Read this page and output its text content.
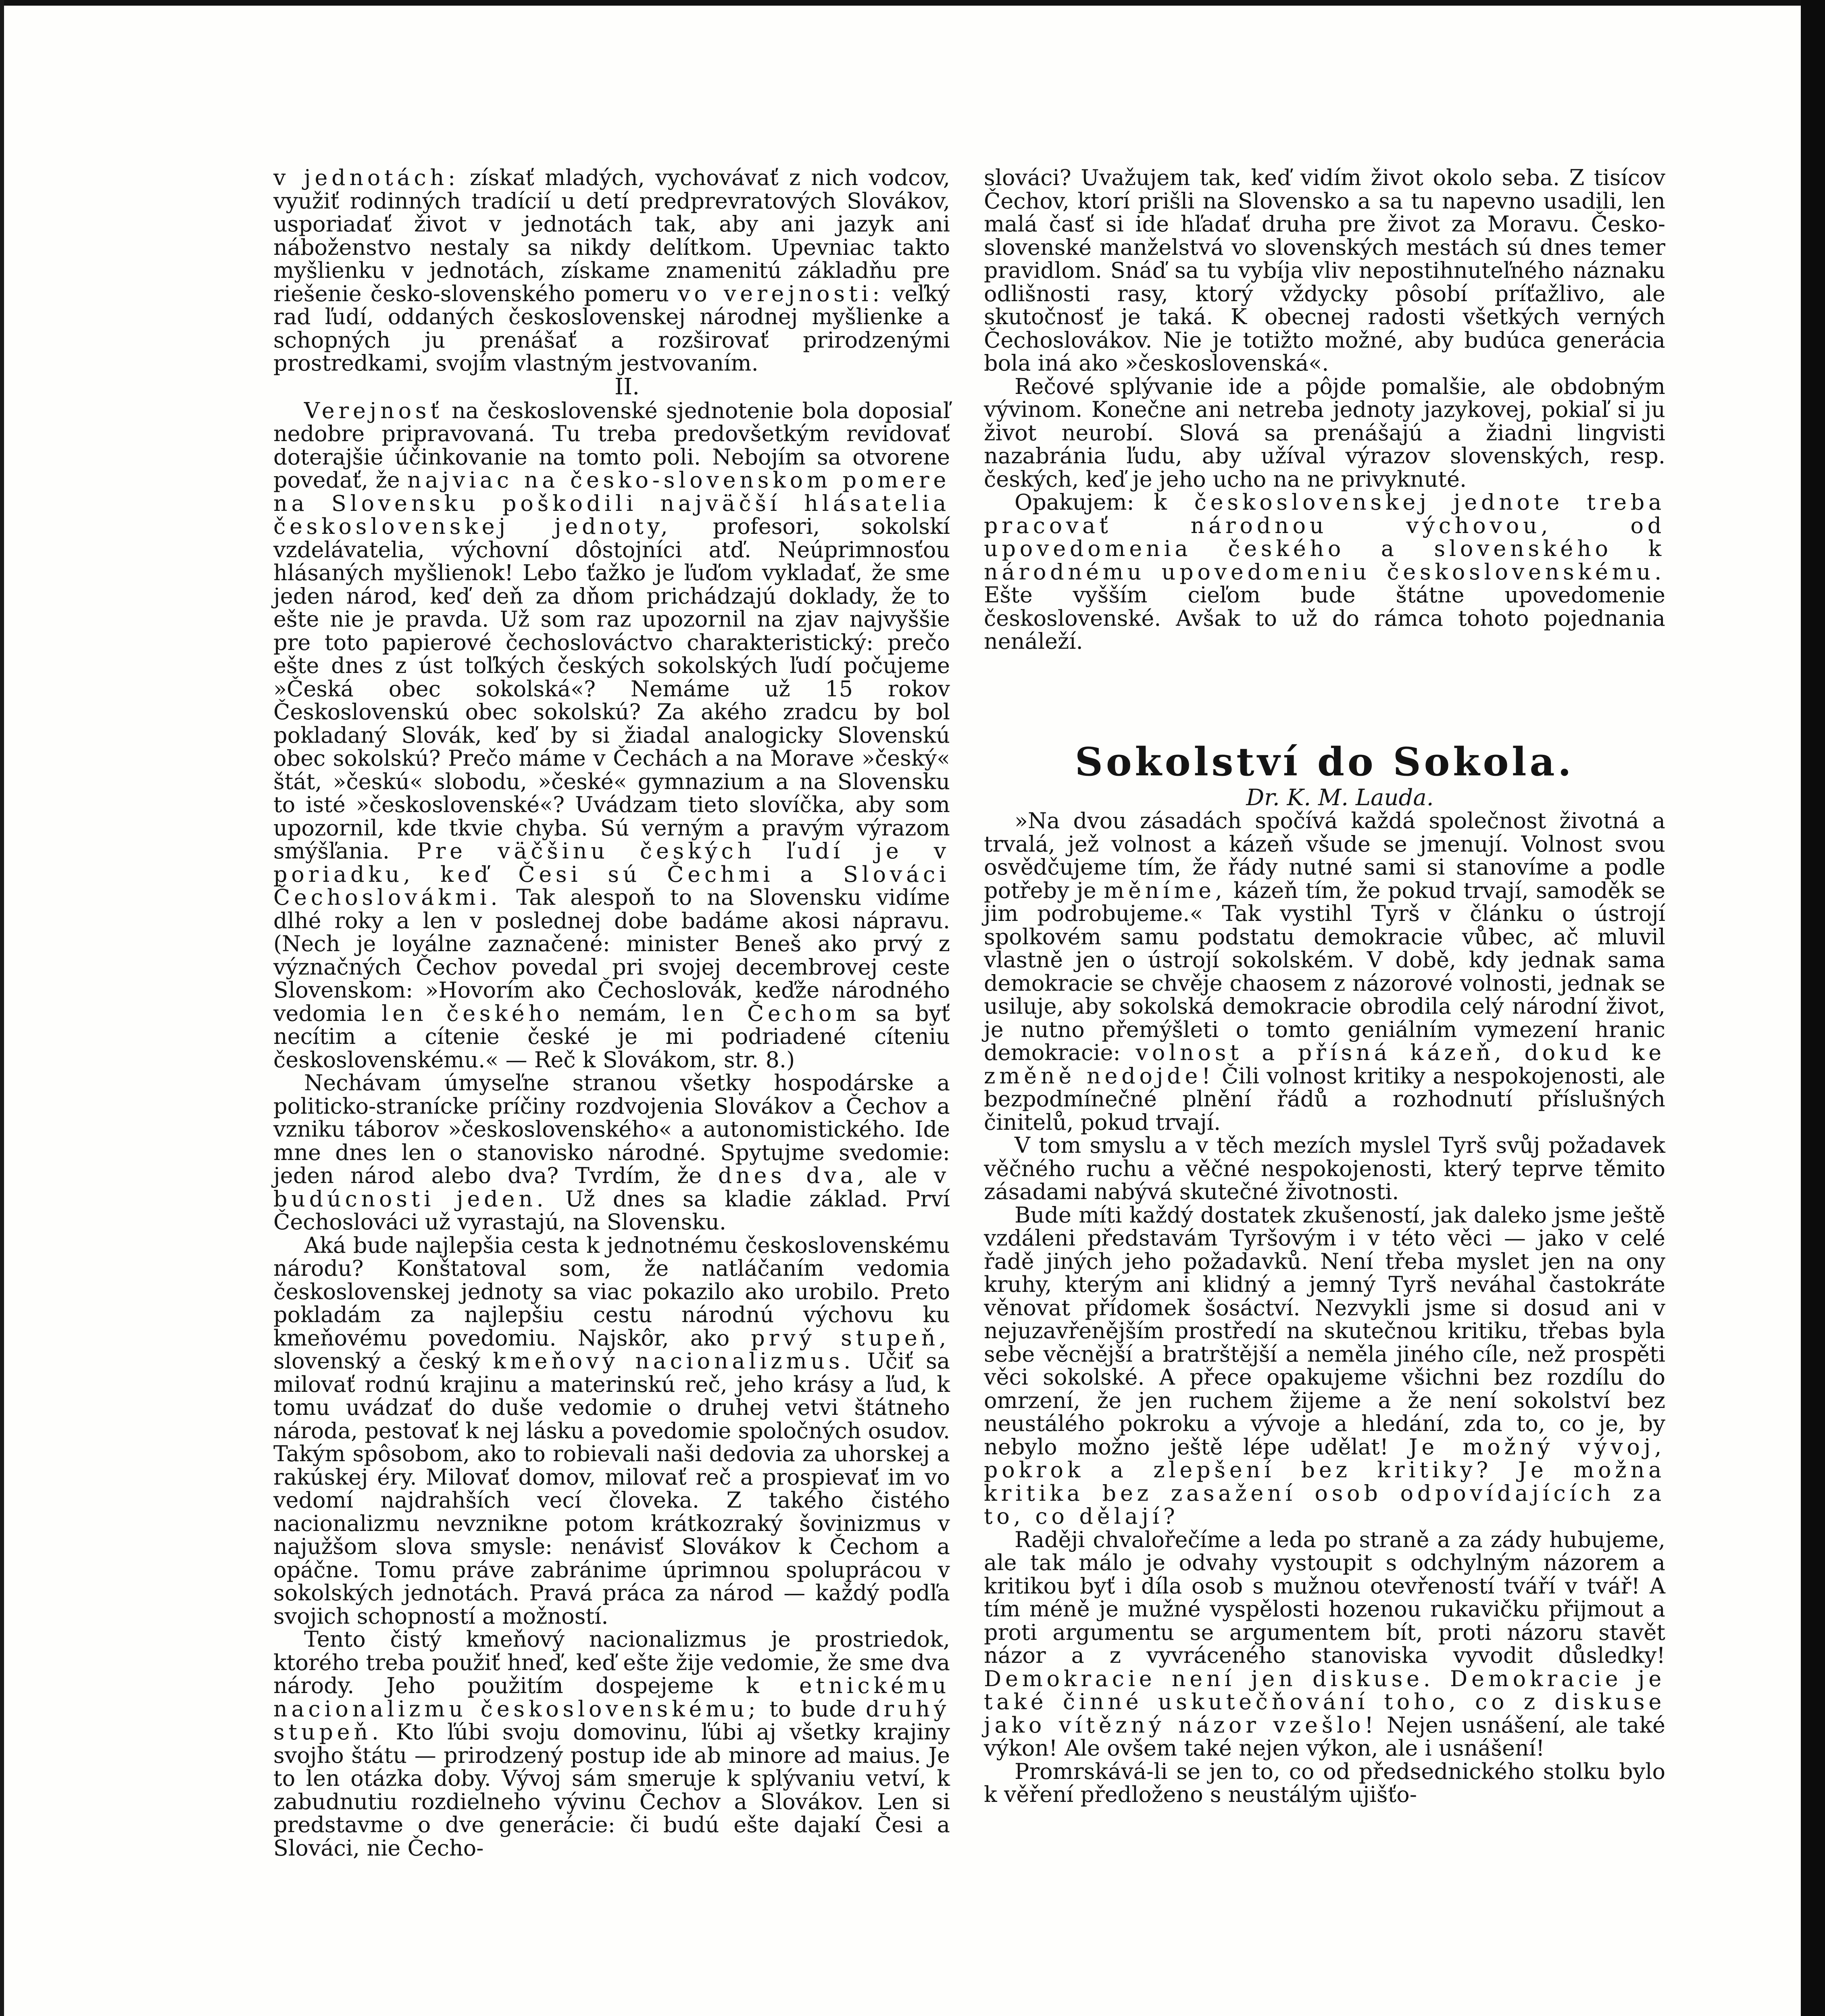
v jednotách: získať mladých, vychovávať z nich vodcov, využiť rodinných tradícií u detí predprevratových Slovákov, usporiadať život v jednotách tak, aby ani jazyk ani náboženstvo nestaly sa nikdy delítkom. Upevniac takto myšlienku v jednotách, získame znamenitú základňu pre riešenie česko-slovenského pomeru vo verejnosti: veľký rad ľudí, oddaných československej národnej myšlienke a schopných ju prenášať a rozširovať prirodzenými prostredkami, svojím vlastným jestvovaním.

II.

Verejnosť na československé sjednotenie bola doposiaľ nedobre pripravovaná. Tu treba predovšetkým revidovať doterajšie účinkovanie na tomto poli. Nebojím sa otvorene povedať, že najviac na česko-slovenskom pomere na Slovensku poškodili najväčší hlásatelia československej jednoty, profesori, sokolskí vzdelávatelia, výchovní dôstojníci atď. Neúprimnosťou hlásaných myšlienok! Lebo ťažko je ľuďom vykladať, že sme jeden národ, keď deň za dňom prichádzajú doklady, že to ešte nie je pravda. Už som raz upozornil na zjav najvyššie pre toto papierové čechoslováctvo charakteristický: prečo ešte dnes z úst toľkých českých sokolských ľudí počujeme »Česká obec sokolská«? Nemáme už 15 rokov Československú obec sokolskú? Za akého zradcu by bol pokladaný Slovák, keď by si žiadal analogicky Slovenskú obec sokolskú? Prečo máme v Čechách a na Morave »český« štát, »českú« slobodu, »české« gymnazium a na Slovensku to isté »československé«? Uvádzam tieto slovíčka, aby som upozornil, kde tkvie chyba. Sú verným a pravým výrazom smýšľania. Pre väčšinu českých ľudí je v poriadku, keď Česi sú Čechmi a Slováci Čechoslovákmi. Tak alespoň to na Slovensku vidíme dlhé roky a len v poslednej dobe badáme akosi nápravu. (Nech je loyálne zaznačené: minister Beneš ako prvý z význačných Čechov povedal pri svojej decembrovej ceste Slovenskom: »Hovorím ako Čechoslovák, keďže národného vedomia len českého nemám, len Čechom sa byť necítim a cítenie české je mi podriadené cíteniu československému.« — Reč k Slovákom, str. 8.)

Nechávam úmyseľne stranou všetky hospodárske a politicko-stranícke príčiny rozdvojenia Slovákov a Čechov a vzniku táborov »československého« a autonomistického. Ide mne dnes len o stanovisko národné. Spytujme svedomie: jeden národ alebo dva? Tvrdím, že dnes dva, ale v budúcnosti jeden. Už dnes sa kladie základ. Prví Čechoslováci už vyrastajú, na Slovensku.

Aká bude najlepšia cesta k jednotnému československému národu? Konštatoval som, že natláčaním vedomia československej jednoty sa viac pokazilo ako urobilo. Preto pokladám za najlepšiu cestu národnú výchovu ku kmeňovému povedomiu. Najskôr, ako prvý stupeň, slovenský a český kmeňový nacionalizmus. Učiť sa milovať rodnú krajinu a materinskú reč, jeho krásy a ľud, k tomu uvádzať do duše vedomie o druhej vetvi štátneho národa, pestovať k nej lásku a povedomie spoločných osudov. Takým spôsobom, ako to robievali naši dedovia za uhorskej a rakúskej éry. Milovať domov, milovať reč a prospievať im vo vedomí najdrahších vecí človeka. Z takého čistého nacionalizmu nevznikne potom krátkozraký šovinizmus v najužšom slova smysle: nenávisť Slovákov k Čechom a opáčne. Tomu práve zabránime úprimnou spoluprácou v sokolských jednotách. Pravá práca za národ — každý podľa svojich schopností a možností.

Tento čistý kmeňový nacionalizmus je prostriedok, ktorého treba použiť hneď, keď ešte žije vedomie, že sme dva národy. Jeho použitím dospejeme k etnickému nacionalizmu československému; to bude druhý stupeň. Kto ľúbi svoju domovinu, ľúbi aj všetky krajiny svojho štátu — prirodzený postup ide ab minore ad maius. Je to len otázka doby. Vývoj sám smeruje k splývaniu vetví, k zabudnutiu rozdielneho vývinu Čechov a Slovákov. Len si predstavme o dve generácie: či budú ešte dajakí Česi a Slováci, nie Čecho-

slováci? Uvažujem tak, keď vidím život okolo seba. Z tisícov Čechov, ktorí prišli na Slovensko a sa tu napevno usadili, len malá časť si ide hľadať druha pre život za Moravu. Česko-slovenské manželstvá vo slovenských mestách sú dnes temer pravidlom. Snáď sa tu vybíja vliv nepostihnuteľného náznaku odlišnosti rasy, ktorý vždycky pôsobí príťažlivo, ale skutočnosť je taká. K obecnej radosti všetkých verných Čechoslovákov. Nie je totižto možné, aby budúca generácia bola iná ako »československá«.

Rečové splývanie ide a pôjde pomalšie, ale obdobným vývinom. Konečne ani netreba jednoty jazykovej, pokiaľ si ju život neurobí. Slová sa prenášajú a žiadni lingvisti nazabránia ľudu, aby užíval výrazov slovenských, resp. českých, keď je jeho ucho na ne privyknuté.

Opakujem: k československej jednote treba pracovať národnou výchovou, od upovedomenia českého a slovenského k národnému upovedomeniu československému. Ešte vyšším cieľom bude štátne upovedomenie československé. Avšak to už do rámca tohoto pojednania nenáleží.

Sokolství do Sokola.

Dr. K. M. Lauda.

»Na dvou zásadách spočívá každá společnost životná a trvalá, jež volnost a kázeň všude se jmenují. Volnost svou osvědčujeme tím, že řády nutné sami si stanovíme a podle potřeby je měníme, kázeň tím, že pokud trvají, samoděk se jim podrobujeme.« Tak vystihl Tyrš v článku o ústrojí spolkovém samu podstatu demokracie vůbec, ač mluvil vlastně jen o ústrojí sokolském. V době, kdy jednak sama demokracie se chvěje chaosem z názorové volnosti, jednak se usiluje, aby sokolská demokracie obrodila celý národní život, je nutno přemýšleti o tomto geniálním vymezení hranic demokracie: volnost a přísná kázeň, dokud ke změně nedojde! Čili volnost kritiky a nespokojenosti, ale bezpodmínečné plnění řádů a rozhodnutí příslušných činitelů, pokud trvají.

V tom smyslu a v těch mezích myslel Tyrš svůj požadavek věčného ruchu a věčné nespokojenosti, který teprve těmito zásadami nabývá skutečné životnosti.

Bude míti každý dostatek zkušeností, jak daleko jsme ještě vzdáleni představám Tyršovým i v této věci — jako v celé řadě jiných jeho požadavků. Není třeba myslet jen na ony kruhy, kterým ani klidný a jemný Tyrš neváhal častokráte věnovat přídomek šosáctví. Nezvykli jsme si dosud ani v nejuzavřenějším prostředí na skutečnou kritiku, třebas byla sebe věcnější a bratrštější a neměla jiného cíle, než prospěti věci sokolské. A přece opakujeme všichni bez rozdílu do omrzení, že jen ruchem žijeme a že není sokolství bez neustálého pokroku a vývoje a hledání, zda to, co je, by nebylo možno ještě lépe udělat! Je možný vývoj, pokrok a zlepšení bez kritiky? Je možna kritika bez zasažení osob odpovídajících za to, co dělají?

Raději chvalořečíme a leda po straně a za zády hubujeme, ale tak málo je odvahy vystoupit s odchylným názorem a kritikou byť i díla osob s mužnou otevřeností tváří v tvář! A tím méně je mužné vyspělosti hozenou rukavičku přijmout a proti argumentu se argumentem bít, proti názoru stavět názor a z vyvráceného stanoviska vyvodit důsledky! Demokracie není jen diskuse. Demokracie je také činné uskutečňování toho, co z diskuse jako vítězný názor vzešlo! Nejen usnášení, ale také výkon! Ale ovšem také nejen výkon, ale i usnášení!

Promrskává-li se jen to, co od předsednického stolku bylo k věření předloženo s neustálým ujišťo-
